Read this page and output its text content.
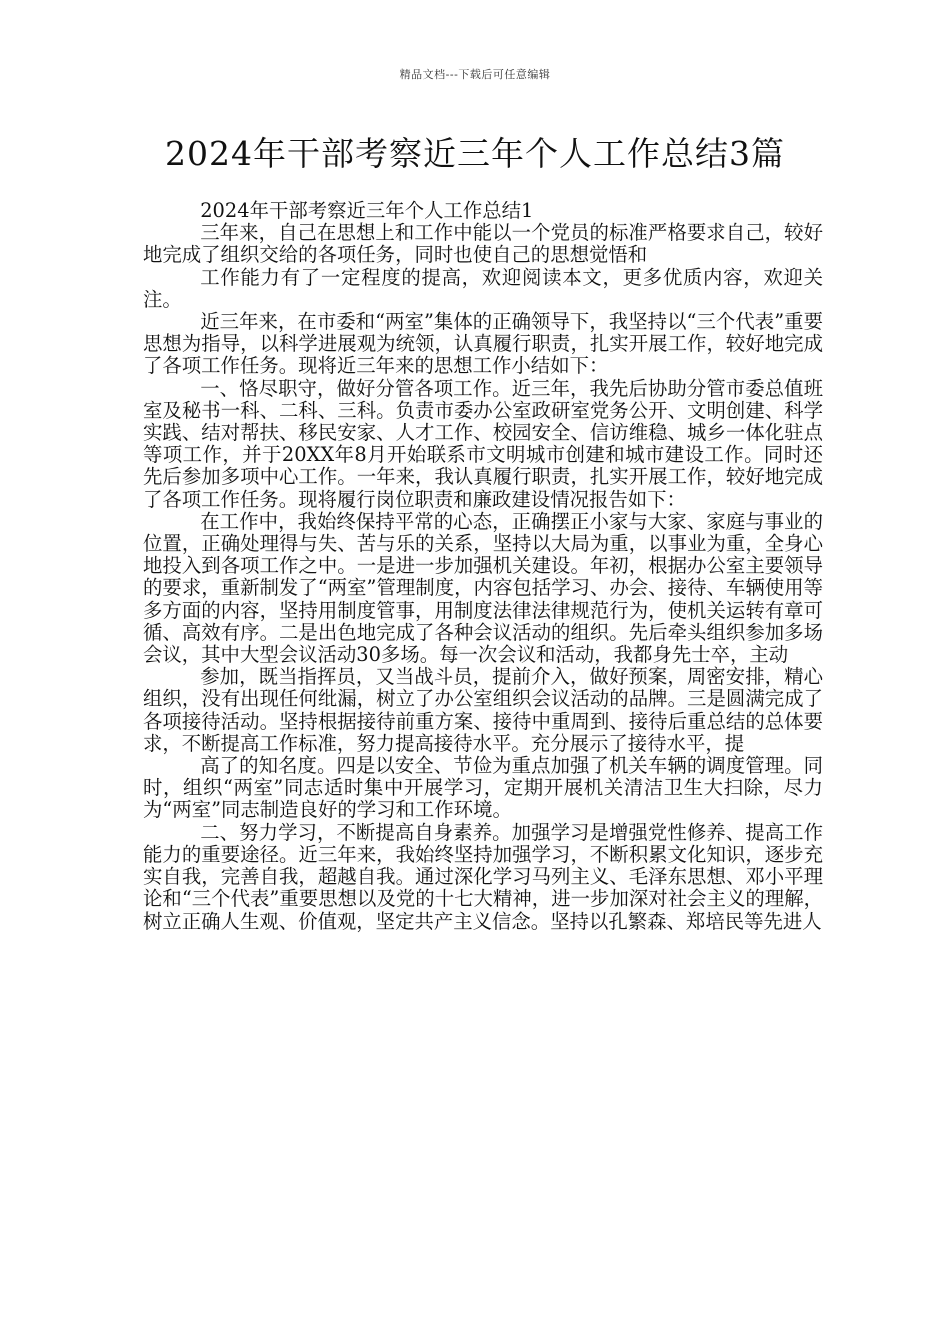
精品文档---下载后可任意编辑
2024年干部考察近三年个人工作总结3篇

2024年干部考察近三年个人工作总结1

三年来，自己在思想上和工作中能以一个党员的标准严格要求自己，较好地完成了组织交给的各项任务，同时也使自己的思想觉悟和

工作能力有了一定程度的提高，欢迎阅读本文，更多优质内容，欢迎关注。

近三年来，在市委和“两室”集体的正确领导下，我坚持以“三个代表”重要思想为指导，以科学进展观为统领，认真履行职责，扎实开展工作，较好地完成了各项工作任务。现将近三年来的思想工作小结如下：

一、恪尽职守，做好分管各项工作。近三年，我先后协助分管市委总值班室及秘书一科、二科、三科。负责市委办公室政研室党务公开、文明创建、科学实践、结对帮扶、移民安家、人才工作、校园安全、信访维稳、城乡一体化驻点等项工作，并于20XX年8月开始联系市文明城市创建和城市建设工作。同时还先后参加多项中心工作。一年来，我认真履行职责，扎实开展工作，较好地完成了各项工作任务。现将履行岗位职责和廉政建设情况报告如下：

在工作中，我始终保持平常的心态，正确摆正小家与大家、家庭与事业的位置，正确处理得与失、苦与乐的关系，坚持以大局为重，以事业为重，全身心地投入到各项工作之中。一是进一步加强机关建设。年初，根据办公室主要领导的要求，重新制发了“两室”管理制度，内容包括学习、办会、接待、车辆使用等多方面的内容，坚持用制度管事，用制度法律法律规范行为，使机关运转有章可循、高效有序。二是出色地完成了各种会议活动的组织。先后牵头组织参加多场会议，其中大型会议活动30多场。每一次会议和活动，我都身先士卒，主动

参加，既当指挥员，又当战斗员，提前介入，做好预案，周密安排，精心组织，没有出现任何纰漏，树立了办公室组织会议活动的品牌。三是圆满完成了各项接待活动。坚持根据接待前重方案、接待中重周到、接待后重总结的总体要求，不断提高工作标准，努力提高接待水平。充分展示了接待水平，提

高了的知名度。四是以安全、节俭为重点加强了机关车辆的调度管理。同时，组织“两室”同志适时集中开展学习，定期开展机关清洁卫生大扫除，尽力为“两室”同志制造良好的学习和工作环境。

二、努力学习，不断提高自身素养。加强学习是增强党性修养、提高工作能力的重要途径。近三年来，我始终坚持加强学习，不断积累文化知识，逐步充实自我，完善自我，超越自我。通过深化学习马列主义、毛泽东思想、邓小平理论和“三个代表”重要思想以及党的十七大精神，进一步加深对社会主义的理解，树立正确人生观、价值观，坚定共产主义信念。坚持以孔繁森、郑培民等先进人
